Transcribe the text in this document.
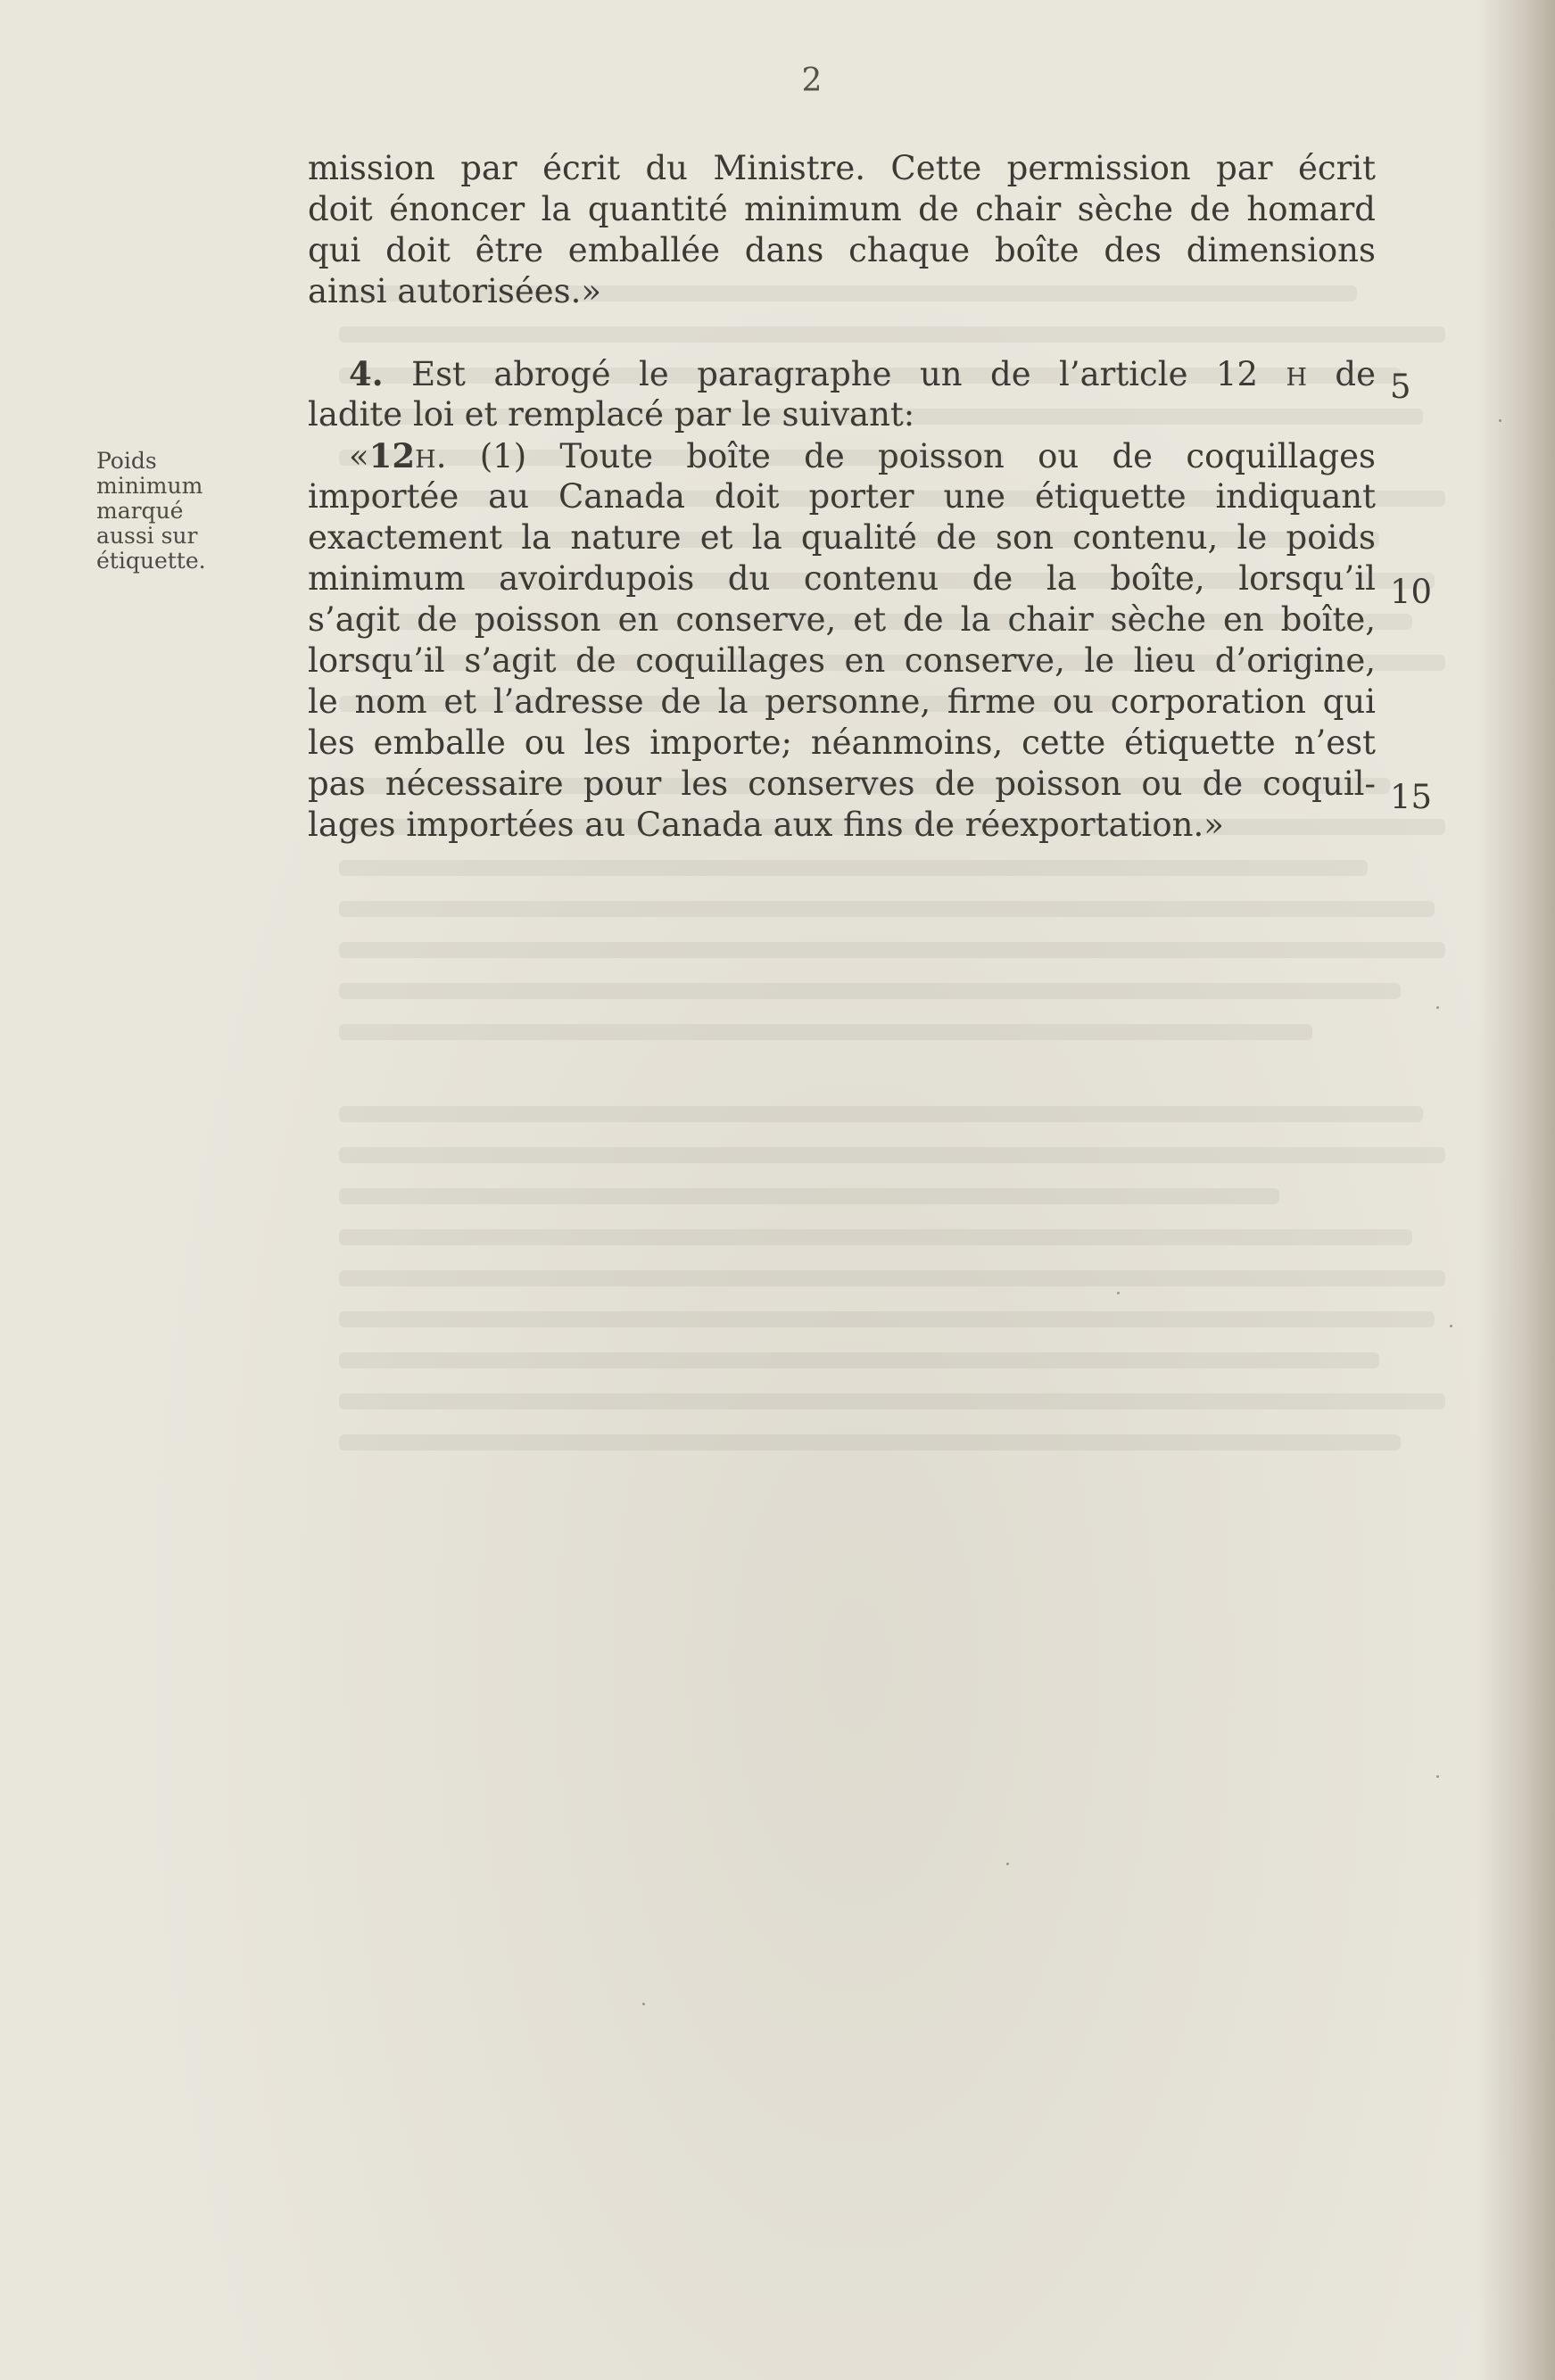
2
Poids
minimum
marqué
aussi sur
étiquette.
mission par écrit du Ministre. Cette permission par écrit
doit énoncer la quantité minimum de chair sèche de homard
qui doit être emballée dans chaque boîte des dimensions
ainsi autorisées.»
4. Est abrogé le paragraphe un de l’article 12 H de
ladite loi et remplacé par le suivant:
«12H. (1) Toute boîte de poisson ou de coquillages
importée au Canada doit porter une étiquette indiquant
exactement la nature et la qualité de son contenu, le poids
minimum avoirdupois du contenu de la boîte, lorsqu’il
s’agit de poisson en conserve, et de la chair sèche en boîte,
lorsqu’il s’agit de coquillages en conserve, le lieu d’origine,
le nom et l’adresse de la personne, firme ou corporation qui
les emballe ou les importe; néanmoins, cette étiquette n’est
pas nécessaire pour les conserves de poisson ou de coquil-
lages importées au Canada aux fins de réexportation.»
5
10
15
